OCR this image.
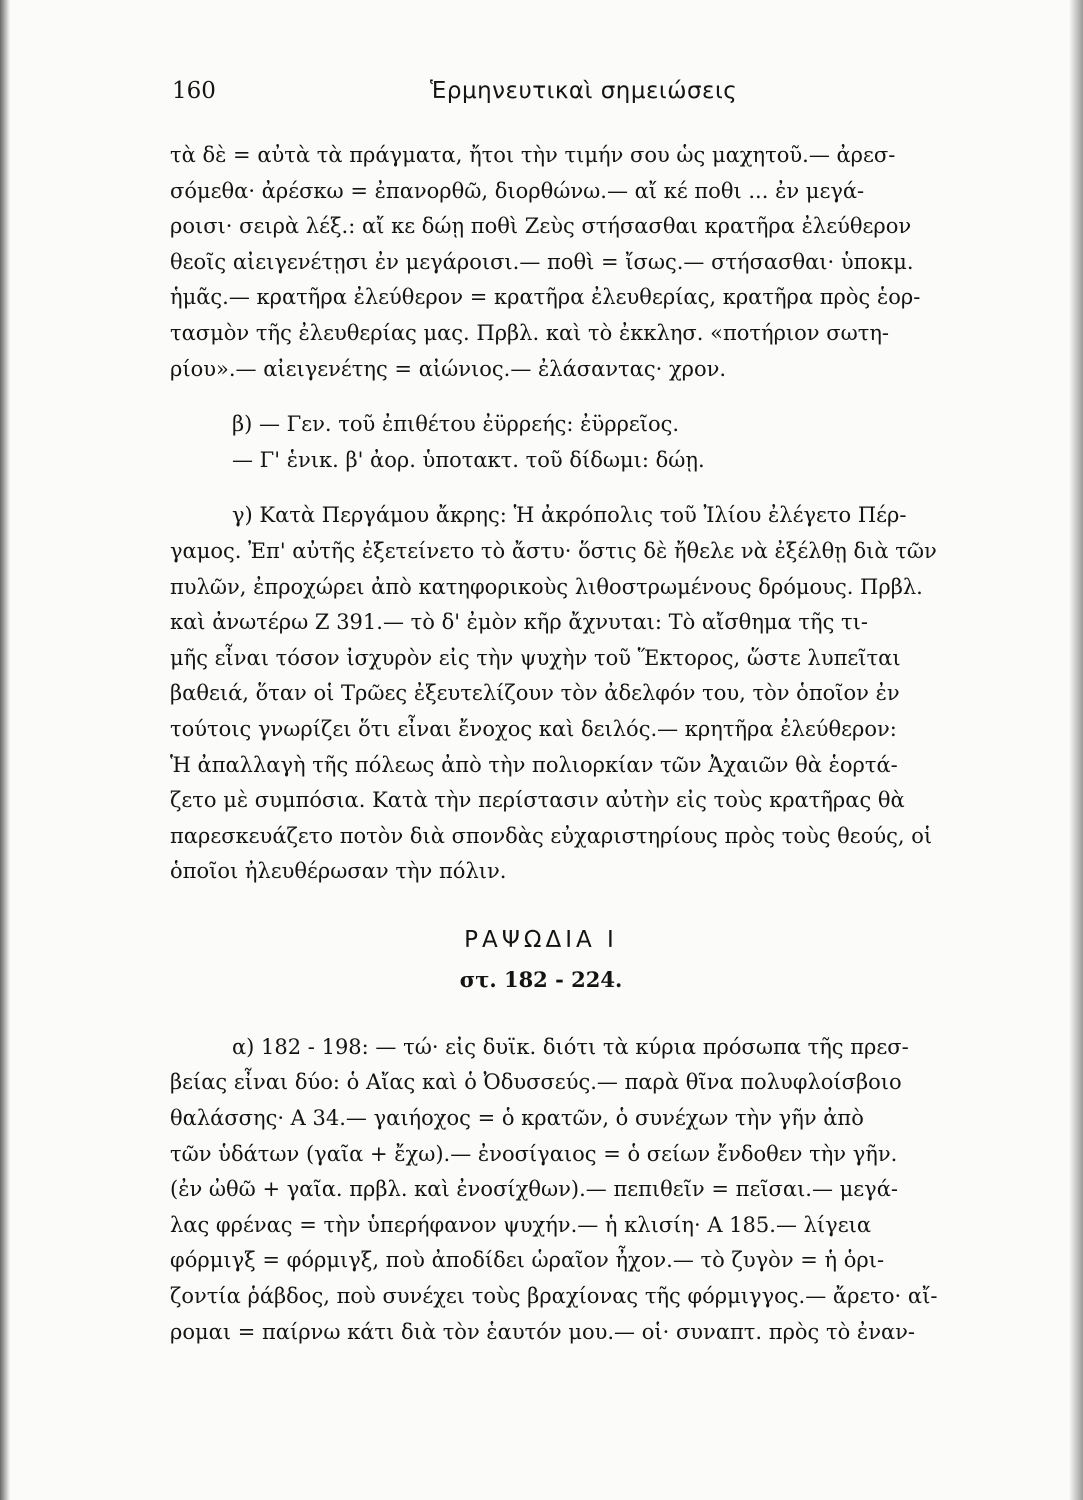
160	Ἑρμηνευτικαὶ σημειώσεις
τὰ δὲ = αὐτὰ τὰ πράγματα, ἤτοι τὴν τιμήν σου ὡς μαχητοῦ.— ἀρεσ-
σόμεθα· ἀρέσκω = ἐπανορθῶ, διορθώνω.— αἴ κέ ποθι ... ἐν μεγά-
ροισι· σειρὰ λέξ.: αἴ κε δώῃ ποθὶ Ζεὺς στήσασθαι κρατῆρα ἐλεύθερον
θεοῖς αἰειγενέτῃσι ἐν μεγάροισι.— ποθὶ = ἴσως.— στήσασθαι· ὑποκμ.
ἡμᾶς.— κρατῆρα ἐλεύθερον = κρατῆρα ἐλευθερίας, κρατῆρα πρὸς ἑορ-
τασμὸν τῆς ἐλευθερίας μας. Πρβλ. καὶ τὸ ἐκκλησ. «ποτήριον σωτη-
ρίου».— αἰειγενέτης = αἰώνιος.— ἐλάσαντας· χρον.
β) — Γεν. τοῦ ἐπιθέτου ἐϋρρεής: ἐϋρρεῖος.
— Γ' ἑνικ. β' ἀορ. ὑποτακτ. τοῦ δίδωμι: δώῃ.
γ) Κατὰ Περγάμου ἄκρης: Ἡ ἀκρόπολις τοῦ Ἰλίου ἐλέγετο Πέρ-
γαμος. Ἐπ' αὐτῆς ἐξετείνετο τὸ ἄστυ· ὅστις δὲ ἤθελε νὰ ἐξέλθῃ διὰ τῶν
πυλῶν, ἐπροχώρει ἀπὸ κατηφορικοὺς λιθοστρωμένους δρόμους. Πρβλ.
καὶ ἀνωτέρω Ζ 391.— τὸ δ' ἐμὸν κῆρ ἄχνυται: Τὸ αἴσθημα τῆς τι-
μῆς εἶναι τόσον ἰσχυρὸν εἰς τὴν ψυχὴν τοῦ Ἕκτορος, ὥστε λυπεῖται
βαθειά, ὅταν οἱ Τρῶες ἐξευτελίζουν τὸν ἀδελφόν του, τὸν ὁποῖον ἐν
τούτοις γνωρίζει ὅτι εἶναι ἔνοχος καὶ δειλός.— κρητῆρα ἐλεύθερον:
Ἡ ἀπαλλαγὴ τῆς πόλεως ἀπὸ τὴν πολιορκίαν τῶν Ἀχαιῶν θὰ ἑορτά-
ζετο μὲ συμπόσια. Κατὰ τὴν περίστασιν αὐτὴν εἰς τοὺς κρατῆρας θὰ
παρεσκευάζετο ποτὸν διὰ σπονδὰς εὐχαριστηρίους πρὸς τοὺς θεούς, οἱ
ὁποῖοι ἠλευθέρωσαν τὴν πόλιν.
ΡΑΨΩΔΙΑ Ι
στ. 182 - 224.
α) 182 - 198: — τώ· εἰς δυϊκ. διότι τὰ κύρια πρόσωπα τῆς πρεσ-
βείας εἶναι δύο: ὁ Αἴας καὶ ὁ Ὀδυσσεύς.— παρὰ θῖνα πολυφλοίσβοιο
θαλάσσης· Α 34.— γαιήοχος = ὁ κρατῶν, ὁ συνέχων τὴν γῆν ἀπὸ
τῶν ὑδάτων (γαῖα + ἔχω).— ἐνοσίγαιος = ὁ σείων ἔνδοθεν τὴν γῆν.
(ἐν ὠθῶ + γαῖα. πρβλ. καὶ ἐνοσίχθων).— πεπιθεῖν = πεῖσαι.— μεγά-
λας φρένας = τὴν ὑπερήφανον ψυχήν.— ἡ κλισίη· Α 185.— λίγεια
φόρμιγξ = φόρμιγξ, ποὺ ἀποδίδει ὡραῖον ἦχον.— τὸ ζυγὸν = ἡ ὁρι-
ζοντία ῥάβδος, ποὺ συνέχει τοὺς βραχίονας τῆς φόρμιγγος.— ἄρετο· αἴ-
ρομαι = παίρνω κάτι διὰ τὸν ἑαυτόν μου.— οἱ· συναπτ. πρὸς τὸ ἐναν-
